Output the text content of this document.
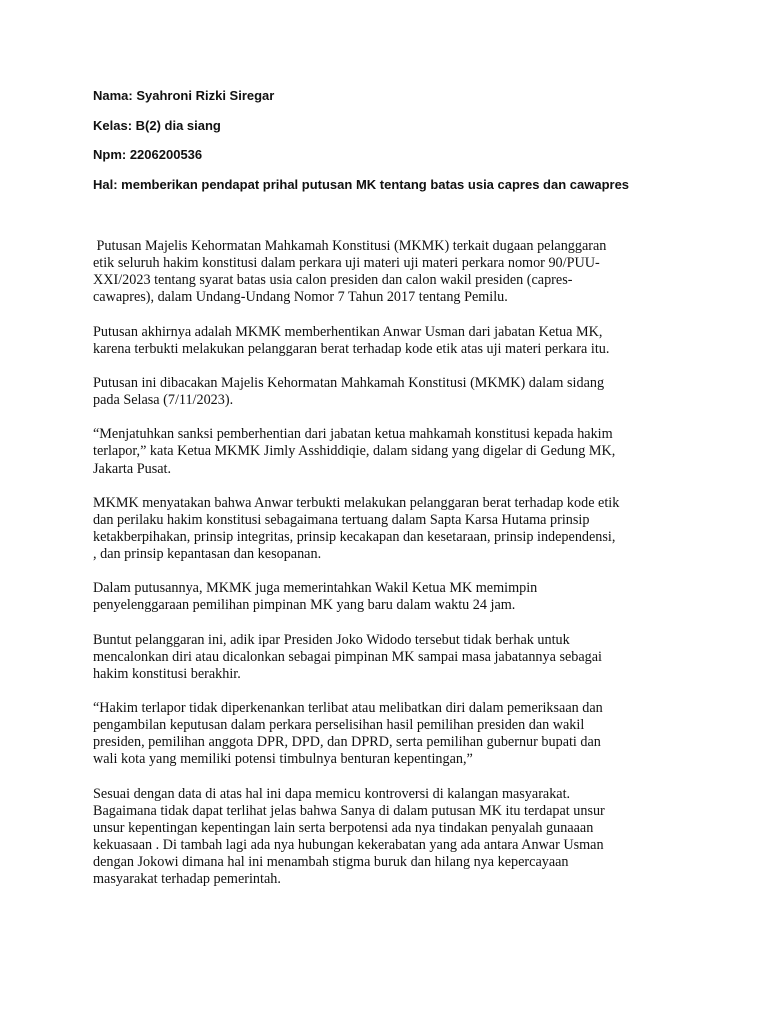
Nama: Syahroni Rizki Siregar
Kelas: B(2) dia siang
Npm: 2206200536
Hal: memberikan pendapat prihal putusan MK tentang batas usia capres dan cawapres
Putusan Majelis Kehormatan Mahkamah Konstitusi (MKMK) terkait dugaan pelanggaran
etik seluruh hakim konstitusi dalam perkara uji materi uji materi perkara nomor 90/PUU-
XXI/2023 tentang syarat batas usia calon presiden dan calon wakil presiden (capres-
cawapres), dalam Undang-Undang Nomor 7 Tahun 2017 tentang Pemilu.
Putusan akhirnya adalah MKMK memberhentikan Anwar Usman dari jabatan Ketua MK,
karena terbukti melakukan pelanggaran berat terhadap kode etik atas uji materi perkara itu.
Putusan ini dibacakan Majelis Kehormatan Mahkamah Konstitusi (MKMK) dalam sidang
pada Selasa (7/11/2023).
“Menjatuhkan sanksi pemberhentian dari jabatan ketua mahkamah konstitusi kepada hakim
terlapor,” kata Ketua MKMK Jimly Asshiddiqie, dalam sidang yang digelar di Gedung MK,
Jakarta Pusat.
MKMK menyatakan bahwa Anwar terbukti melakukan pelanggaran berat terhadap kode etik
dan perilaku hakim konstitusi sebagaimana tertuang dalam Sapta Karsa Hutama prinsip
ketakberpihakan, prinsip integritas, prinsip kecakapan dan kesetaraan, prinsip independensi,
, dan prinsip kepantasan dan kesopanan.
Dalam putusannya, MKMK juga memerintahkan Wakil Ketua MK memimpin
penyelenggaraan pemilihan pimpinan MK yang baru dalam waktu 24 jam.
Buntut pelanggaran ini, adik ipar Presiden Joko Widodo tersebut tidak berhak untuk
mencalonkan diri atau dicalonkan sebagai pimpinan MK sampai masa jabatannya sebagai
hakim konstitusi berakhir.
“Hakim terlapor tidak diperkenankan terlibat atau melibatkan diri dalam pemeriksaan dan
pengambilan keputusan dalam perkara perselisihan hasil pemilihan presiden dan wakil
presiden, pemilihan anggota DPR, DPD, dan DPRD, serta pemilihan gubernur bupati dan
wali kota yang memiliki potensi timbulnya benturan kepentingan,”
Sesuai dengan data di atas hal ini dapa memicu kontroversi di kalangan masyarakat.
Bagaimana tidak dapat terlihat jelas bahwa Sanya di dalam putusan MK itu terdapat unsur
unsur kepentingan kepentingan lain serta berpotensi ada nya tindakan penyalah gunaaan
kekuasaan . Di tambah lagi ada nya hubungan kekerabatan yang ada antara Anwar Usman
dengan Jokowi dimana hal ini menambah stigma buruk dan hilang nya kepercayaan
masyarakat terhadap pemerintah.
